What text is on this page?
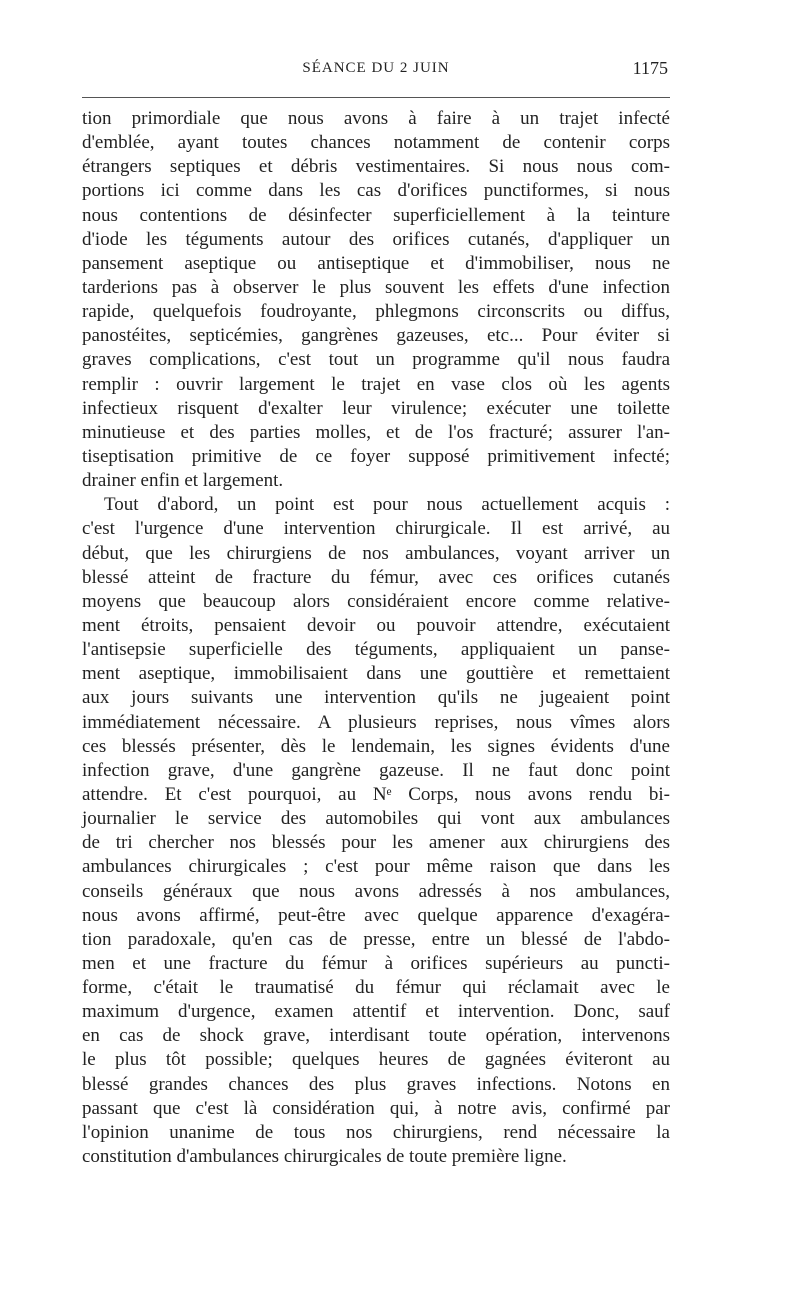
SÉANCE DU 2 JUIN	1175
tion primordiale que nous avons à faire à un trajet infecté
d'emblée, ayant toutes chances notamment de contenir corps
étrangers septiques et débris vestimentaires. Si nous nous com-
portions ici comme dans les cas d'orifices punctiformes, si nous
nous contentions de désinfecter superficiellement à la teinture
d'iode les téguments autour des orifices cutanés, d'appliquer un
pansement aseptique ou antiseptique et d'immobiliser, nous ne
tarderions pas à observer le plus souvent les effets d'une infection
rapide, quelquefois foudroyante, phlegmons circonscrits ou diffus,
panostéites, septicémies, gangrènes gazeuses, etc... Pour éviter si
graves complications, c'est tout un programme qu'il nous faudra
remplir : ouvrir largement le trajet en vase clos où les agents
infectieux risquent d'exalter leur virulence; exécuter une toilette
minutieuse et des parties molles, et de l'os fracturé; assurer l'an-
tiseptisation primitive de ce foyer supposé primitivement infecté;
drainer enfin et largement.
Tout d'abord, un point est pour nous actuellement acquis :
c'est l'urgence d'une intervention chirurgicale. Il est arrivé, au
début, que les chirurgiens de nos ambulances, voyant arriver un
blessé atteint de fracture du fémur, avec ces orifices cutanés
moyens que beaucoup alors considéraient encore comme relative-
ment étroits, pensaient devoir ou pouvoir attendre, exécutaient
l'antisepsie superficielle des téguments, appliquaient un panse-
ment aseptique, immobilisaient dans une gouttière et remettaient
aux jours suivants une intervention qu'ils ne jugeaient point
immédiatement nécessaire. A plusieurs reprises, nous vîmes alors
ces blessés présenter, dès le lendemain, les signes évidents d'une
infection grave, d'une gangrène gazeuse. Il ne faut donc point
attendre. Et c'est pourquoi, au Nᵉ Corps, nous avons rendu bi-
journalier le service des automobiles qui vont aux ambulances
de tri chercher nos blessés pour les amener aux chirurgiens des
ambulances chirurgicales ; c'est pour même raison que dans les
conseils généraux que nous avons adressés à nos ambulances,
nous avons affirmé, peut-être avec quelque apparence d'exagéra-
tion paradoxale, qu'en cas de presse, entre un blessé de l'abdo-
men et une fracture du fémur à orifices supérieurs au puncti-
forme, c'était le traumatisé du fémur qui réclamait avec le
maximum d'urgence, examen attentif et intervention. Donc, sauf
en cas de shock grave, interdisant toute opération, intervenons
le plus tôt possible; quelques heures de gagnées éviteront au
blessé grandes chances des plus graves infections. Notons en
passant que c'est là considération qui, à notre avis, confirmé par
l'opinion unanime de tous nos chirurgiens, rend nécessaire la
constitution d'ambulances chirurgicales de toute première ligne.
